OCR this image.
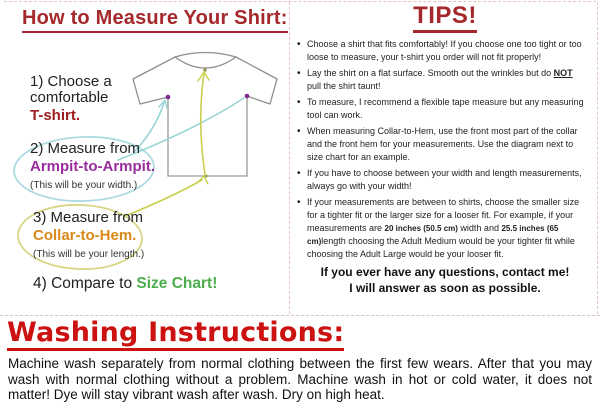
How to Measure Your Shirt:
1) Choose a comfortable
T-shirt.
2) Measure from
Armpit-to-Armpit.
(This will be your width.)
3) Measure from
Collar-to-Hem.
(This will be your length.)
4) Compare to Size Chart!
TIPS!
• Choose a shirt that fits comfortably! If you choose one too tight or too loose to measure, your t-shirt you order will not fit properly!
• Lay the shirt on a flat surface. Smooth out the wrinkles but do NOT pull the shirt taunt!
• To measure, I recommend a flexible tape measure but any measuring tool can work.
• When measuring Collar-to-Hem, use the front most part of the collar and the front hem for your measurements. Use the diagram next to size chart for an example.
• If you have to choose between your width and length measurements, always go with your width!
• If your measurements are between to shirts, choose the smaller size for a tighter fit or the larger size for a looser fit. For example, if your measurements are 20 inches (50.5 cm) width and 25.5 inches (65 cm)length choosing the Adult Medium would be your tighter fit while choosing the Adult Large would be your looser fit.
If you ever have any questions, contact me!
I will answer as soon as possible.
Washing Instructions:
Machine wash separately from normal clothing between the first few wears. After that you may wash with normal clothing without a problem. Machine wash in hot or cold water, it does not matter! Dye will stay vibrant wash after wash. Dry on high heat.
